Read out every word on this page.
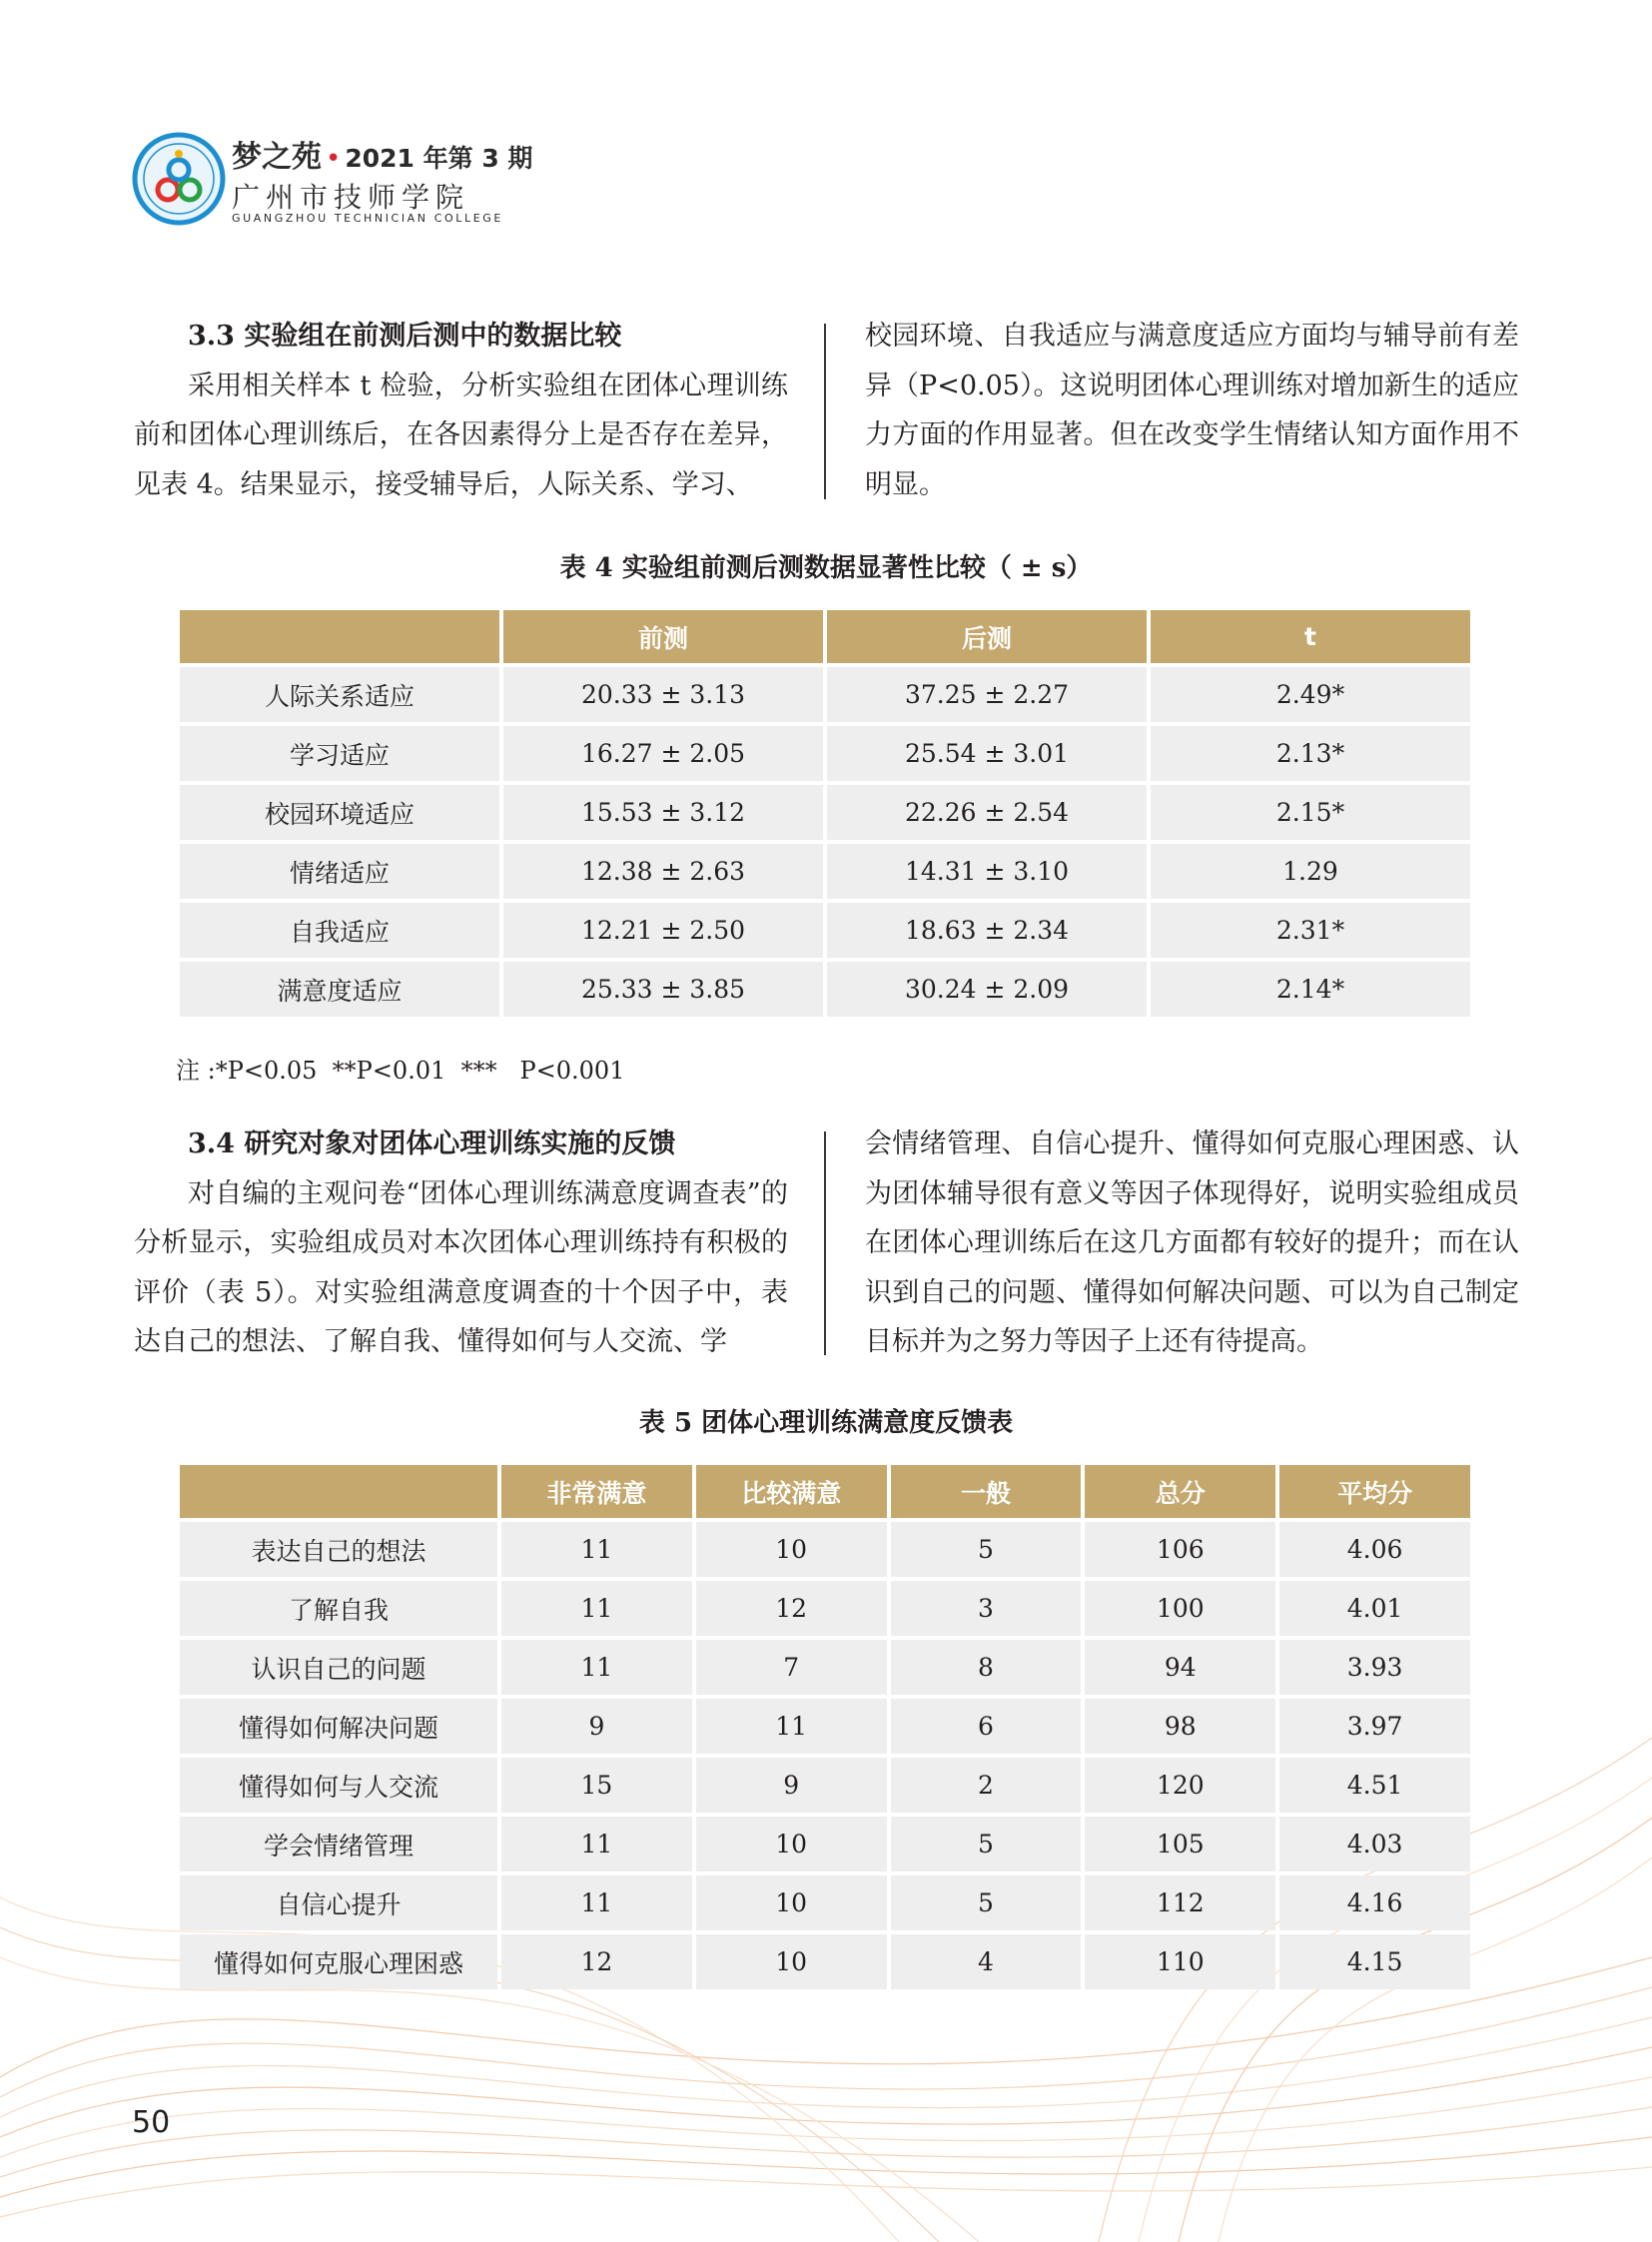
梦之苑 • 2021 年第 3 期
广州市技师学院
GUANGZHOU TECHNICIAN COLLEGE

3.3 实验组在前测后测中的数据比较

采用相关样本 t 检验，分析实验组在团体心理训练前和团体心理训练后，在各因素得分上是否存在差异，见表 4。结果显示，接受辅导后，人际关系、学习、

校园环境、自我适应与满意度适应方面均与辅导前有差异（P<0.05）。这说明团体心理训练对增加新生的适应力方面的作用显著。但在改变学生情绪认知方面作用不明显。

表 4 实验组前测后测数据显著性比较（ ± s）
	前测	后测	t
人际关系适应	20.33 ± 3.13	37.25 ± 2.27	2.49*
学习适应	16.27 ± 2.05	25.54 ± 3.01	2.13*
校园环境适应	15.53 ± 3.12	22.26 ± 2.54	2.15*
情绪适应	12.38 ± 2.63	14.31 ± 3.10	1.29
自我适应	12.21 ± 2.50	18.63 ± 2.34	2.31*
满意度适应	25.33 ± 3.85	30.24 ± 2.09	2.14*
注 :*P<0.05  **P<0.01  ***   P<0.001

3.4 研究对象对团体心理训练实施的反馈

对自编的主观问卷“团体心理训练满意度调查表”的分析显示，实验组成员对本次团体心理训练持有积极的评价（表 5）。对实验组满意度调查的十个因子中，表达自己的想法、了解自我、懂得如何与人交流、学

会情绪管理、自信心提升、懂得如何克服心理困惑、认为团体辅导很有意义等因子体现得好，说明实验组成员在团体心理训练后在这几方面都有较好的提升；而在认识到自己的问题、懂得如何解决问题、可以为自己制定目标并为之努力等因子上还有待提高。

表 5 团体心理训练满意度反馈表
	非常满意	比较满意	一般	总分	平均分
表达自己的想法	11	10	5	106	4.06
了解自我	11	12	3	100	4.01
认识自己的问题	11	7	8	94	3.93
懂得如何解决问题	9	11	6	98	3.97
懂得如何与人交流	15	9	2	120	4.51
学会情绪管理	11	10	5	105	4.03
自信心提升	11	10	5	112	4.16
懂得如何克服心理困惑	12	10	4	110	4.15
50
